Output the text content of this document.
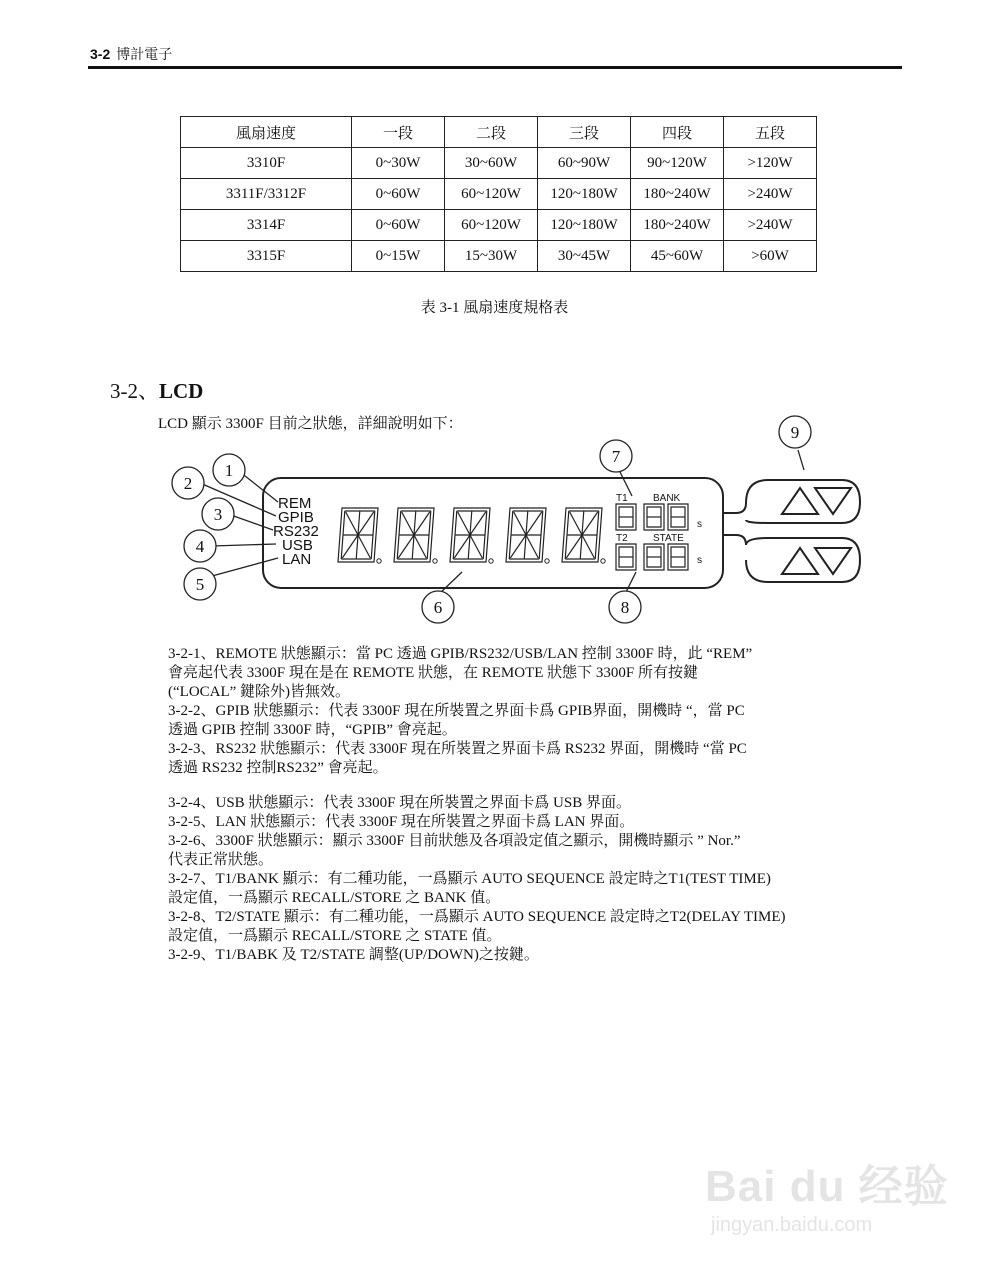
3-2 博計電子
風扇速度	一段	二段	三段	四段	五段
3310F	0~30W	30~60W	60~90W	90~120W	>120W
3311F/3312F	0~60W	60~120W	120~180W	180~240W	>240W
3314F	0~60W	60~120W	120~180W	180~240W	>240W
3315F	0~15W	15~30W	30~45W	45~60W	>60W
表 3-1 風扇速度規格表
3-2、LCD
LCD 顯示 3300F 目前之狀態，詳細說明如下：
REM
GPIB
RS232
USB
LAN
T1	BANK
T2	STATE
s
s
1
2
3
4
5
6
7
8
9
3-2-1、 REMOTE 狀態顯示：當 PC 透過 GPIB/RS232/USB/LAN 控制 3300F 時，此 “REM”
會亮起代表 3300F 現在是在 REMOTE 狀態，在 REMOTE 狀態下 3300F 所有按鍵
(“LOCAL” 鍵除外)皆無效。
3-2-2、 GPIB 狀態顯示：代表 3300F 現在所裝置之界面卡爲 GPIB界面，開機時 “，當 PC
透過 GPIB 控制 3300F 時，“GPIB” 會亮起。
3-2-3、 RS232 狀態顯示：代表 3300F 現在所裝置之界面卡爲 RS232 界面，開機時 “當 PC
透過 RS232 控制RS232” 會亮起。
3-2-4、 USB 狀態顯示：代表 3300F 現在所裝置之界面卡爲 USB 界面。
3-2-5、 LAN 狀態顯示：代表 3300F 現在所裝置之界面卡爲 LAN 界面。
3-2-6、 3300F 狀態顯示：顯示 3300F 目前狀態及各項設定值之顯示，開機時顯示 ” Nor.”
代表正常狀態。
3-2-7、 T1/BANK 顯示：有二種功能，一爲顯示 AUTO SEQUENCE 設定時之T1(TEST TIME)
設定值，一爲顯示 RECALL/STORE 之 BANK 值。
3-2-8、 T2/STATE 顯示：有二種功能，一爲顯示 AUTO SEQUENCE 設定時之T2(DELAY TIME)
設定值，一爲顯示 RECALL/STORE 之 STATE 值。
3-2-9、 T1/BABK 及 T2/STATE 調整(UP/DOWN)之按鍵。
Bai du 经验
jingyan.baidu.com
